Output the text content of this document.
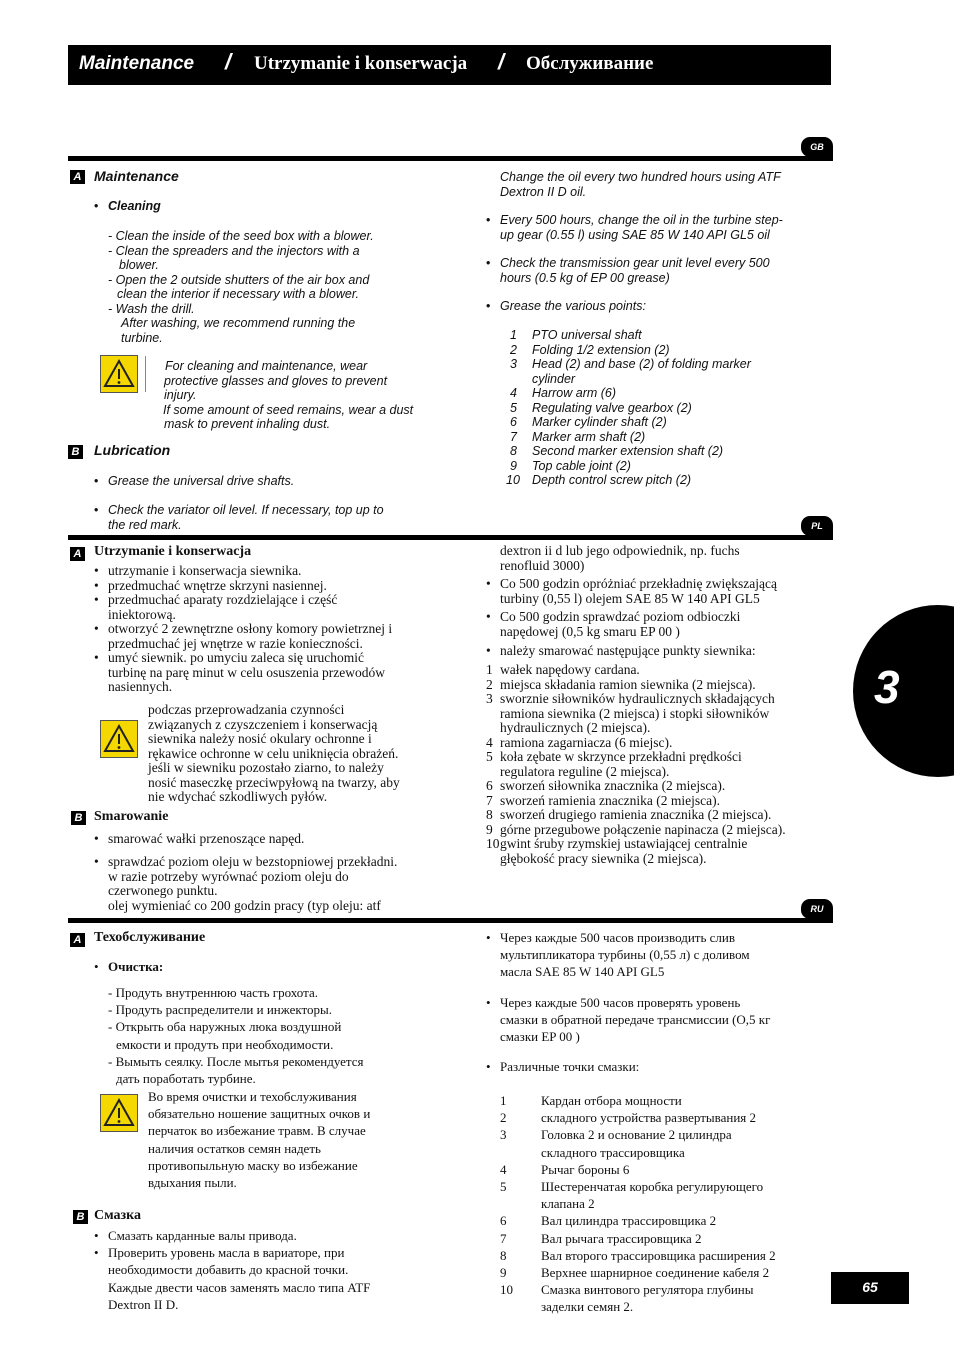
Maintenance / Utrzymanie i konserwacja / Обслуживание
GB
A Maintenance
• Cleaning
- Clean the inside of the seed box with a blower.
- Clean the spreaders and the injectors with a
blower.
- Open the 2 outside shutters of the air box and
clean the interior if necessary with a blower.
- Wash the drill.
After washing, we recommend running the
turbine.
For cleaning and maintenance, wear
protective glasses and gloves to prevent
injury.
If some amount of seed remains, wear a dust
mask to prevent inhaling dust.
B Lubrication
• Grease the universal drive shafts.
• Check the variator oil level. If necessary, top up to
the red mark.
Change the oil every two hundred hours using ATF
Dextron II D oil.
• Every 500 hours, change the oil in the turbine step-
up gear (0.55 l) using SAE 85 W 140 API GL5 oil
• Check the transmission gear unit level every 500
hours (0.5 kg of EP 00 grease)
• Grease the various points:
1 PTO universal shaft
2 Folding 1/2 extension (2)
3 Head (2) and base (2) of folding marker
cylinder
4 Harrow arm (6)
5 Regulating valve gearbox (2)
6 Marker cylinder shaft (2)
7 Marker arm shaft (2)
8 Second marker extension shaft (2)
9 Top cable joint (2)
10 Depth control screw pitch (2)
PL
A Utrzymanie i konserwacja
• utrzymanie i konserwacja siewnika.
• przedmuchać wnętrze skrzyni nasiennej.
• przedmuchać aparaty rozdzielające i część
iniektorową.
• otworzyć 2 zewnętrzne osłony komory powietrznej i
przedmuchać jej wnętrze w razie konieczności.
• umyć siewnik. po umyciu zaleca się uruchomić
turbinę na parę minut w celu osuszenia przewodów
nasiennych.
podczas przeprowadzania czynności
związanych z czyszczeniem i konserwacją
siewnika należy nosić okulary ochronne i
rękawice ochronne w celu uniknięcia obrażeń.
jeśli w siewniku pozostało ziarno, to należy
nosić maseczkę przeciwpyłową na twarzy, aby
nie wdychać szkodliwych pyłów.
B Smarowanie
• smarować wałki przenoszące napęd.
• sprawdzać poziom oleju w bezstopniowej przekładni.
w razie potrzeby wyrównać poziom oleju do
czerwonego punktu.
olej wymieniać co 200 godzin pracy (typ oleju: atf
dextron ii d lub jego odpowiednik, np. fuchs
renofluid 3000)
• Co 500 godzin opróżniać przekładnię zwiększającą
turbiny (0,55 l) olejem SAE 85 W 140 API GL5
• Co 500 godzin sprawdzać poziom odbioczki
napędowej (0,5 kg smaru EP 00 )
• należy smarować następujące punkty siewnika:
1 wałek napędowy cardana.
2 miejsca składania ramion siewnika (2 miejsca).
3 sworznie siłowników hydraulicznych składających
ramiona siewnika (2 miejsca) i stopki siłowników
hydraulicznych (2 miejsca).
4 ramiona zagarniacza (6 miejsc).
5 koła zębate w skrzynce przekładni prędkości
regulatora reguline (2 miejsca).
6 sworzeń siłownika znacznika (2 miejsca).
7 sworzeń ramienia znacznika (2 miejsca).
8 sworzeń drugiego ramienia znacznika (2 miejsca).
9 górne przegubowe połączenie napinacza (2 miejsca).
10gwint śruby rzymskiej ustawiającej centralnie
głębokość pracy siewnika (2 miejsca).
RU
A Техобслуживание
• Очистка:
- Продуть внутреннюю часть грохота.
- Продуть распределители и инжекторы.
- Открыть оба наружных люка воздушной
емкости и продуть при необходимости.
- Вымыть сеялку. После мытья рекомендуется
дать поработать турбине.
Во время очистки и техобслуживания
обязательно ношение защитных очков и
перчаток во избежание травм. В случае
наличия остатков семян надеть
противопыльную маску во избежание
вдыхания пыли.
B Смазка
• Смазать карданные валы привода.
• Проверить уровень масла в вариаторе, при
необходимости добавить до красной точки.
Каждые двести часов заменять масло типа ATF
Dextron II D.
• Через каждые 500 часов производить слив
мультипликатора турбины (0,55 л) с доливом
масла SAE 85 W 140 API GL5
• Через каждые 500 часов проверять уровень
смазки в обратной передаче трансмиссии (О,5 кг
смазки EP 00 )
• Различные точки смазки:
1	Кардан отбора мощности
2	складного устройства развертывания 2
3	Головка 2 и основание 2 цилиндра
складного трассировщика
4	Рычаг бороны 6
5	Шестеренчатая коробка регулирующего
клапана 2
6	Вал цилиндра трассировщика 2
7	Вал рычага трассировщика 2
8	Вал второго трассировщика расширения 2
9	Верхнее шарнирное соединение кабеля 2
10 Смазка винтового регулятора глубины
заделки семян 2.
3
65
